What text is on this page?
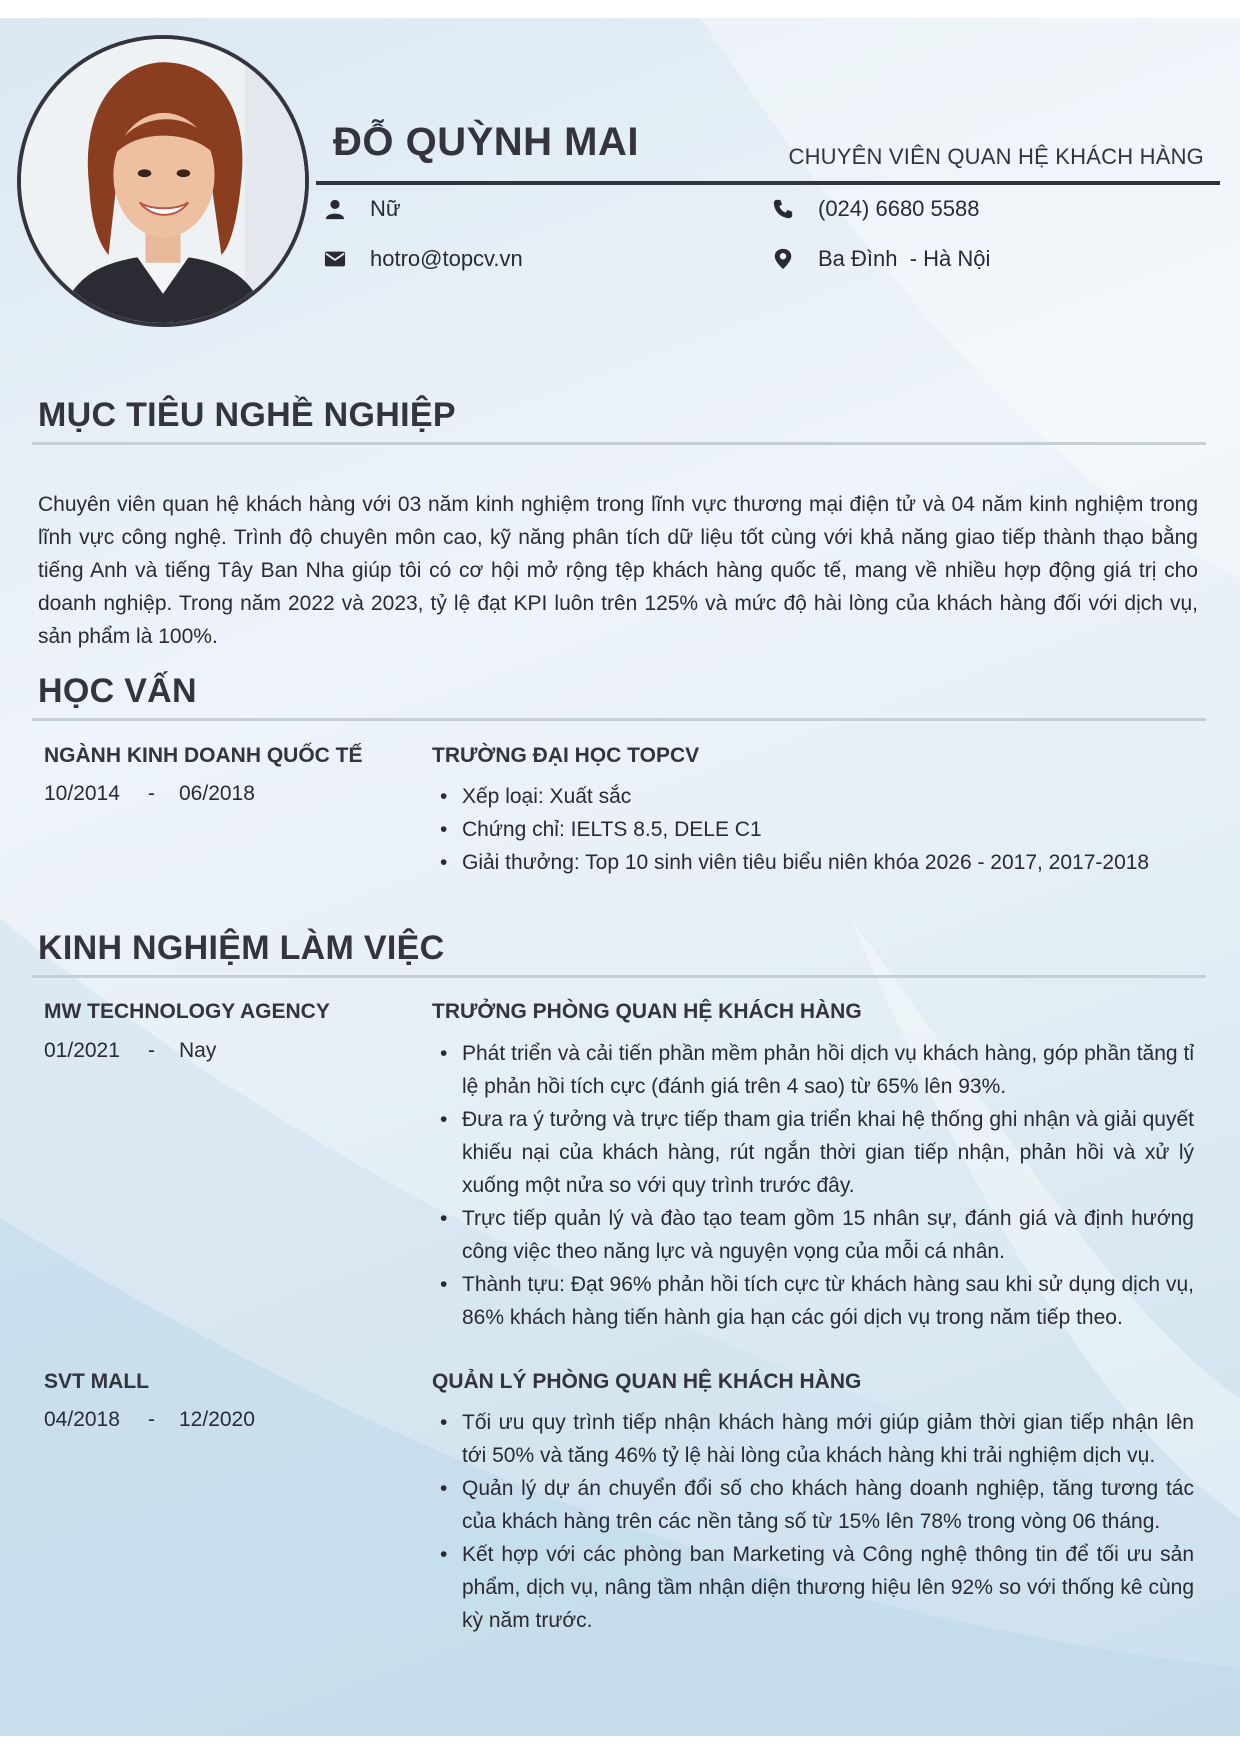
ĐỖ QUỲNH MAI	CHUYÊN VIÊN QUAN HỆ KHÁCH HÀNG

Nữ	(024) 6680 5588
hotro@topcv.vn	Ba Đình  - Hà Nội
MỤC TIÊU NGHỀ NGHIỆP

Chuyên viên quan hệ khách hàng với 03 năm kinh nghiệm trong lĩnh vực thương mại điện tử và 04 năm kinh nghiệm trong lĩnh vực công nghệ. Trình độ chuyên môn cao, kỹ năng phân tích dữ liệu tốt cùng với khả năng giao tiếp thành thạo bằng tiếng Anh và tiếng Tây Ban Nha giúp tôi có cơ hội mở rộng tệp khách hàng quốc tế, mang về nhiều hợp động giá trị cho doanh nghiệp. Trong năm 2022 và 2023, tỷ lệ đạt KPI luôn trên 125% và mức độ hài lòng của khách hàng đối với dịch vụ, sản phẩm là 100%.

HỌC VẤN

NGÀNH KINH DOANH QUỐC TẾ

10/2014 - 06/2018

TRƯỜNG ĐẠI HỌC TOPCV

• Xếp loại: Xuất sắc
• Chứng chỉ: IELTS 8.5, DELE C1
• Giải thưởng: Top 10 sinh viên tiêu biểu niên khóa 2026 - 2017, 2017-2018
KINH NGHIỆM LÀM VIỆC

MW TECHNOLOGY AGENCY

01/2021 - Nay

TRƯỞNG PHÒNG QUAN HỆ KHÁCH HÀNG

• Phát triển và cải tiến phần mềm phản hồi dịch vụ khách hàng, góp phần tăng tỉ lệ phản hồi tích cực (đánh giá trên 4 sao) từ 65% lên 93%.
• Đưa ra ý tưởng và trực tiếp tham gia triển khai hệ thống ghi nhận và giải quyết khiếu nại của khách hàng, rút ngắn thời gian tiếp nhận, phản hồi và xử lý xuống một nửa so với quy trình trước đây.
• Trực tiếp quản lý và đào tạo team gồm 15 nhân sự, đánh giá và định hướng công việc theo năng lực và nguyện vọng của mỗi cá nhân.
• Thành tựu: Đạt 96% phản hồi tích cực từ khách hàng sau khi sử dụng dịch vụ, 86% khách hàng tiến hành gia hạn các gói dịch vụ trong năm tiếp theo.

SVT MALL

04/2018 - 12/2020

QUẢN LÝ PHÒNG QUAN HỆ KHÁCH HÀNG

• Tối ưu quy trình tiếp nhận khách hàng mới giúp giảm thời gian tiếp nhận lên tới 50% và tăng 46% tỷ lệ hài lòng của khách hàng khi trải nghiệm dịch vụ.
• Quản lý dự án chuyển đổi số cho khách hàng doanh nghiệp, tăng tương tác của khách hàng trên các nền tảng số từ 15% lên 78% trong vòng 06 tháng.
• Kết hợp với các phòng ban Marketing và Công nghệ thông tin để tối ưu sản phẩm, dịch vụ, nâng tầm nhận diện thương hiệu lên 92% so với thống kê cùng kỳ năm trước.
